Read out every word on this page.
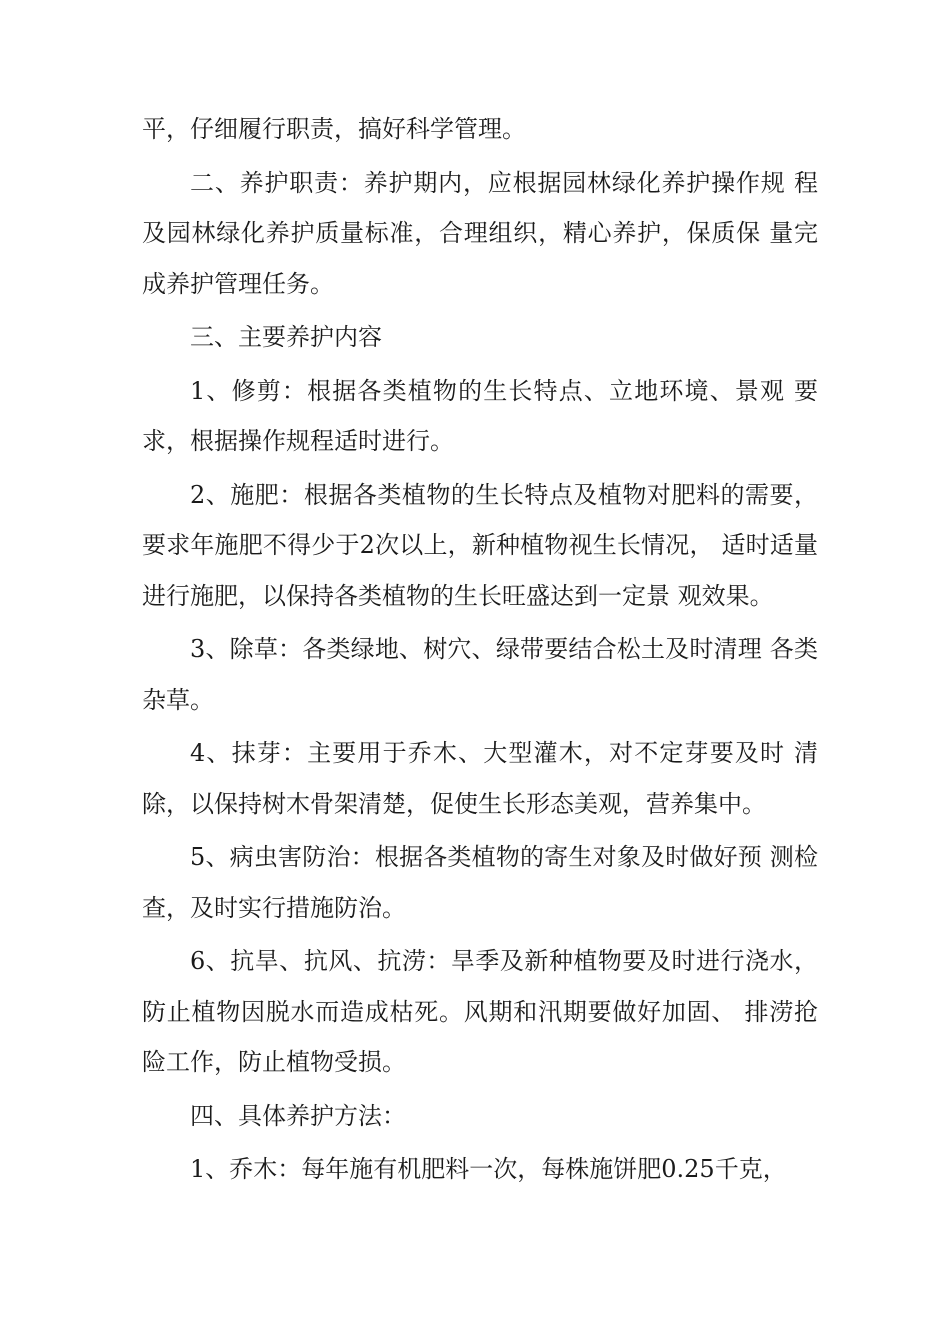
平，仔细履行职责，搞好科学管理。

二、养护职责：养护期内，应根据园林绿化养护操作规 程及园林绿化养护质量标准，合理组织，精心养护，保质保 量完成养护管理任务。

三、主要养护内容

1、修剪：根据各类植物的生长特点、立地环境、景观 要求，根据操作规程适时进行。

2、施肥：根据各类植物的生长特点及植物对肥料的需要，要求年施肥不得少于2次以上，新种植物视生长情况， 适时适量进行施肥，以保持各类植物的生长旺盛达到一定景 观效果。

3、除草：各类绿地、树穴、绿带要结合松土及时清理 各类杂草。

4、抹芽：主要用于乔木、大型灌木，对不定芽要及时 清除，以保持树木骨架清楚，促使生长形态美观，营养集中。

5、病虫害防治：根据各类植物的寄生对象及时做好预 测检查，及时实行措施防治。

6、抗旱、抗风、抗涝：旱季及新种植物要及时进行浇水，防止植物因脱水而造成枯死。风期和汛期要做好加固、 排涝抢险工作，防止植物受损。

四、具体养护方法：

1、乔木：每年施有机肥料一次，每株施饼肥0.25千克，
